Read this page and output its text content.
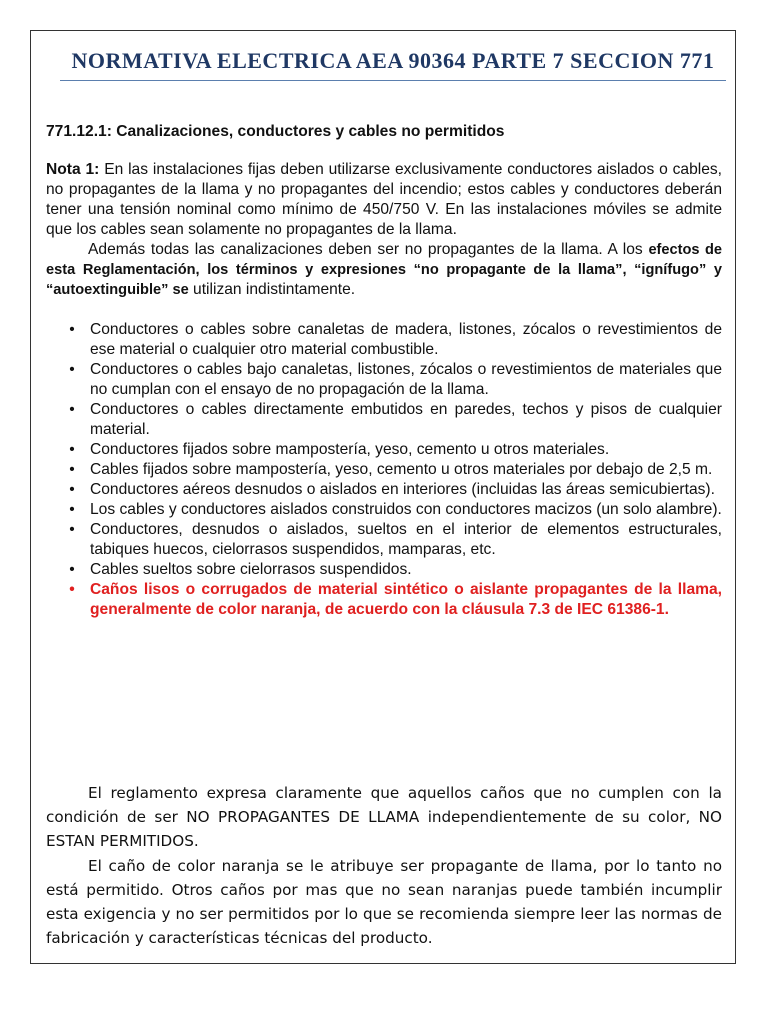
NORMATIVA ELECTRICA AEA 90364 PARTE 7 SECCION 771

771.12.1: Canalizaciones, conductores y cables no permitidos

Nota 1: En las instalaciones fijas deben utilizarse exclusivamente conductores aislados o cables, no propagantes de la llama y no propagantes del incendio; estos cables y conductores deberán tener una tensión nominal como mínimo de 450/750 V. En las instalaciones móviles se admite que los cables sean solamente no propagantes de la llama.

Además todas las canalizaciones deben ser no propagantes de la llama. A los efectos de esta Reglamentación, los términos y expresiones “no propagante de la llama”, “ignífugo” y “autoextinguible” se utilizan indistintamente.

• Conductores o cables sobre canaletas de madera, listones, zócalos o revestimientos de ese material o cualquier otro material combustible.
• Conductores o cables bajo canaletas, listones, zócalos o revestimientos de materiales que no cumplan con el ensayo de no propagación de la llama.
• Conductores o cables directamente embutidos en paredes, techos y pisos de cualquier material.
• Conductores fijados sobre mampostería, yeso, cemento u otros materiales.
• Cables fijados sobre mampostería, yeso, cemento u otros materiales por debajo de 2,5 m.
• Conductores aéreos desnudos o aislados en interiores (incluidas las áreas semicubiertas).
• Los cables y conductores aislados construidos con conductores macizos (un solo alambre).
• Conductores, desnudos o aislados, sueltos en el interior de elementos estructurales, tabiques huecos, cielorrasos suspendidos, mamparas, etc.
• Cables sueltos sobre cielorrasos suspendidos.
• Caños lisos o corrugados de material sintético o aislante propagantes de la llama, generalmente de color naranja, de acuerdo con la cláusula 7.3 de IEC 61386-1.

El reglamento expresa claramente que aquellos caños que no cumplen con la condición de ser NO PROPAGANTES DE LLAMA independientemente de su color, NO ESTAN PERMITIDOS.

El caño de color naranja se le atribuye ser propagante de llama, por lo tanto no está permitido. Otros caños por mas que no sean naranjas puede también incumplir esta exigencia y no ser permitidos por lo que se recomienda siempre leer las normas de fabricación y características técnicas del producto.
